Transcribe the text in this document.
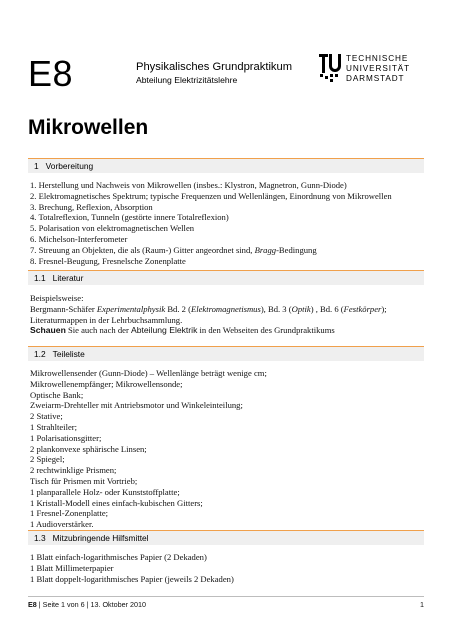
E8	Physikalisches Grundpraktikum
Abteilung Elektrizitätslehre
TECHNISCHE
UNIVERSITÄT
DARMSTADT
Mikrowellen
1 Vorbereitung
1. Herstellung und Nachweis von Mikrowellen (insbes.: Klystron, Magnetron, Gunn-Diode)
2. Elektromagnetisches Spektrum; typische Frequenzen und Wellenlängen, Einordnung von Mikrowellen
3. Brechung, Reflexion, Absorption
4. Totalreflexion, Tunneln (gestörte innere Totalreflexion)
5. Polarisation von elektromagnetischen Wellen
6. Michelson-Interferometer
7. Streuung an Objekten, die als (Raum-) Gitter angeordnet sind, Bragg-Bedingung
8. Fresnel-Beugung, Fresnelsche Zonenplatte
1.1 Literatur
Beispielsweise:
Bergmann-Schäfer Experimentalphysik Bd. 2 (Elektromagnetismus), Bd. 3 (Optik) , Bd. 6 (Festkörper);
Literaturmappen in der Lehrbuchsammlung.
Schauen Sie auch nach der Abteilung Elektrik in den Webseiten des Grundpraktikums
1.2 Teileliste
Mikrowellensender (Gunn-Diode) – Wellenlänge beträgt wenige cm;
Mikrowellenempfänger; Mikrowellensonde;
Optische Bank;
Zweiarm-Drehteller mit Antriebsmotor und Winkeleinteilung;
2 Stative;
1 Strahlteiler;
1 Polarisationsgitter;
2 plankonvexe sphärische Linsen;
2 Spiegel;
2 rechtwinklige Prismen;
Tisch für Prismen mit Vortrieb;
1 planparallele Holz- oder Kunststoffplatte;
1 Kristall-Modell eines einfach-kubischen Gitters;
1 Fresnel-Zonenplatte;
1 Audioverstärker.
1.3 Mitzubringende Hilfsmittel
1 Blatt einfach-logarithmisches Papier (2 Dekaden)
1 Blatt Millimeterpapier
1 Blatt doppelt-logarithmisches Papier (jeweils 2 Dekaden)
E8 | Seite 1 von 6 | 13. Oktober 2010	1
